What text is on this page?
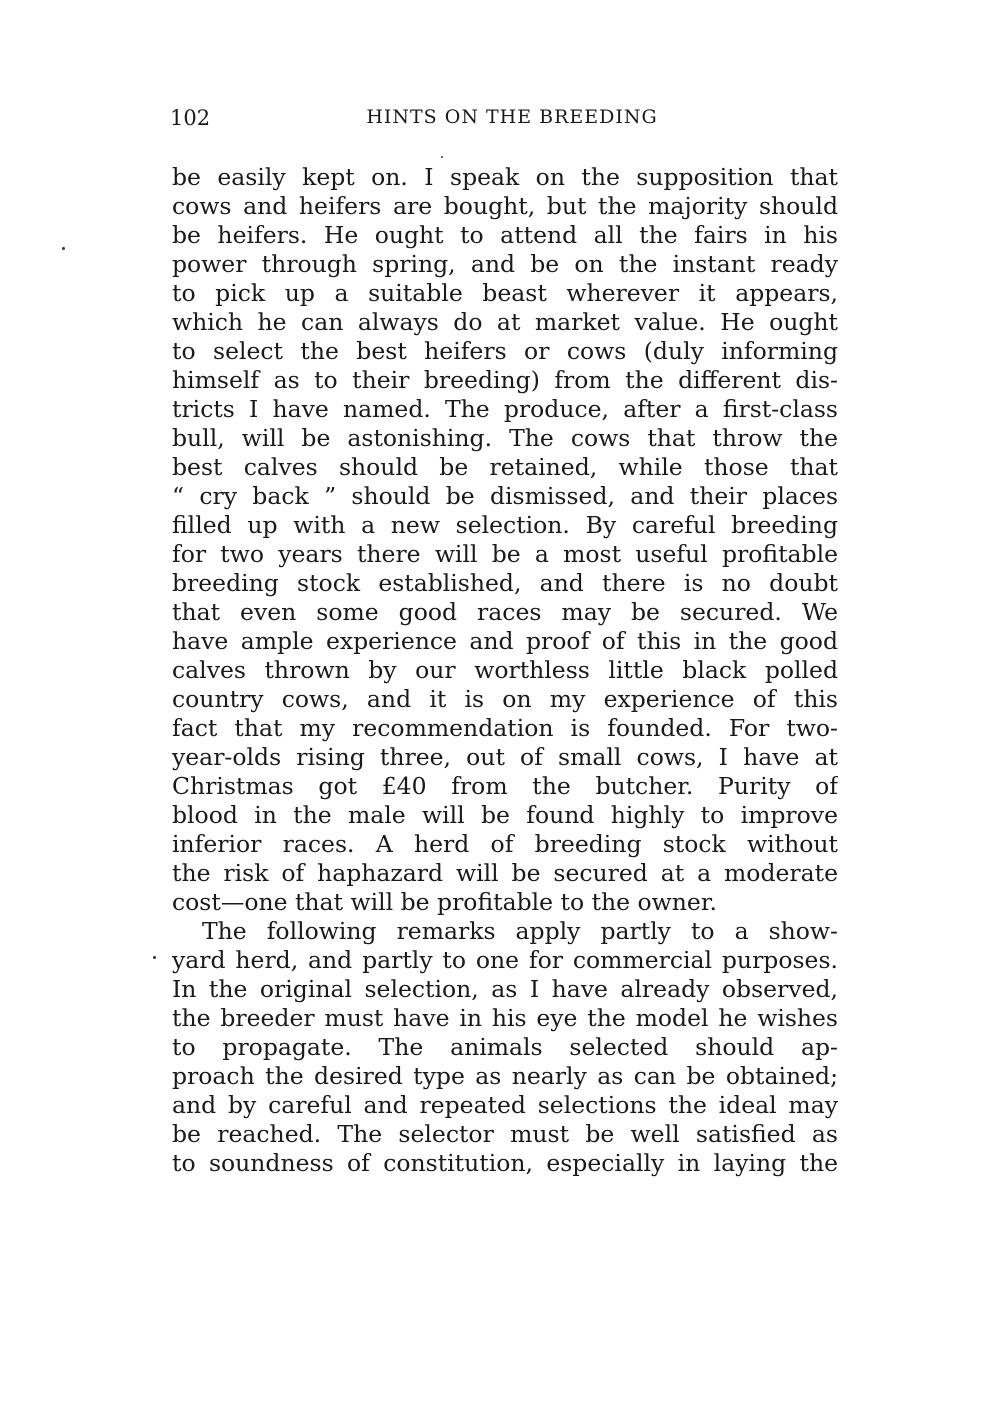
102	HINTS ON THE BREEDING
be easily kept on. I speak on the supposition that
cows and heifers are bought, but the majority should
be heifers. He ought to attend all the fairs in his
power through spring, and be on the instant ready
to pick up a suitable beast wherever it appears,
which he can always do at market value. He ought
to select the best heifers or cows (duly informing
himself as to their breeding) from the different dis-
tricts I have named. The produce, after a first-class
bull, will be astonishing. The cows that throw the
best calves should be retained, while those that
“ cry back ” should be dismissed, and their places
filled up with a new selection. By careful breeding
for two years there will be a most useful profitable
breeding stock established, and there is no doubt
that even some good races may be secured. We
have ample experience and proof of this in the good
calves thrown by our worthless little black polled
country cows, and it is on my experience of this
fact that my recommendation is founded. For two-
year-olds rising three, out of small cows, I have at
Christmas got £40 from the butcher. Purity of
blood in the male will be found highly to improve
inferior races. A herd of breeding stock without
the risk of haphazard will be secured at a moderate
cost—one that will be profitable to the owner.
The following remarks apply partly to a show-
yard herd, and partly to one for commercial purposes.
In the original selection, as I have already observed,
the breeder must have in his eye the model he wishes
to propagate. The animals selected should ap-
proach the desired type as nearly as can be obtained;
and by careful and repeated selections the ideal may
be reached. The selector must be well satisfied as
to soundness of constitution, especially in laying the
